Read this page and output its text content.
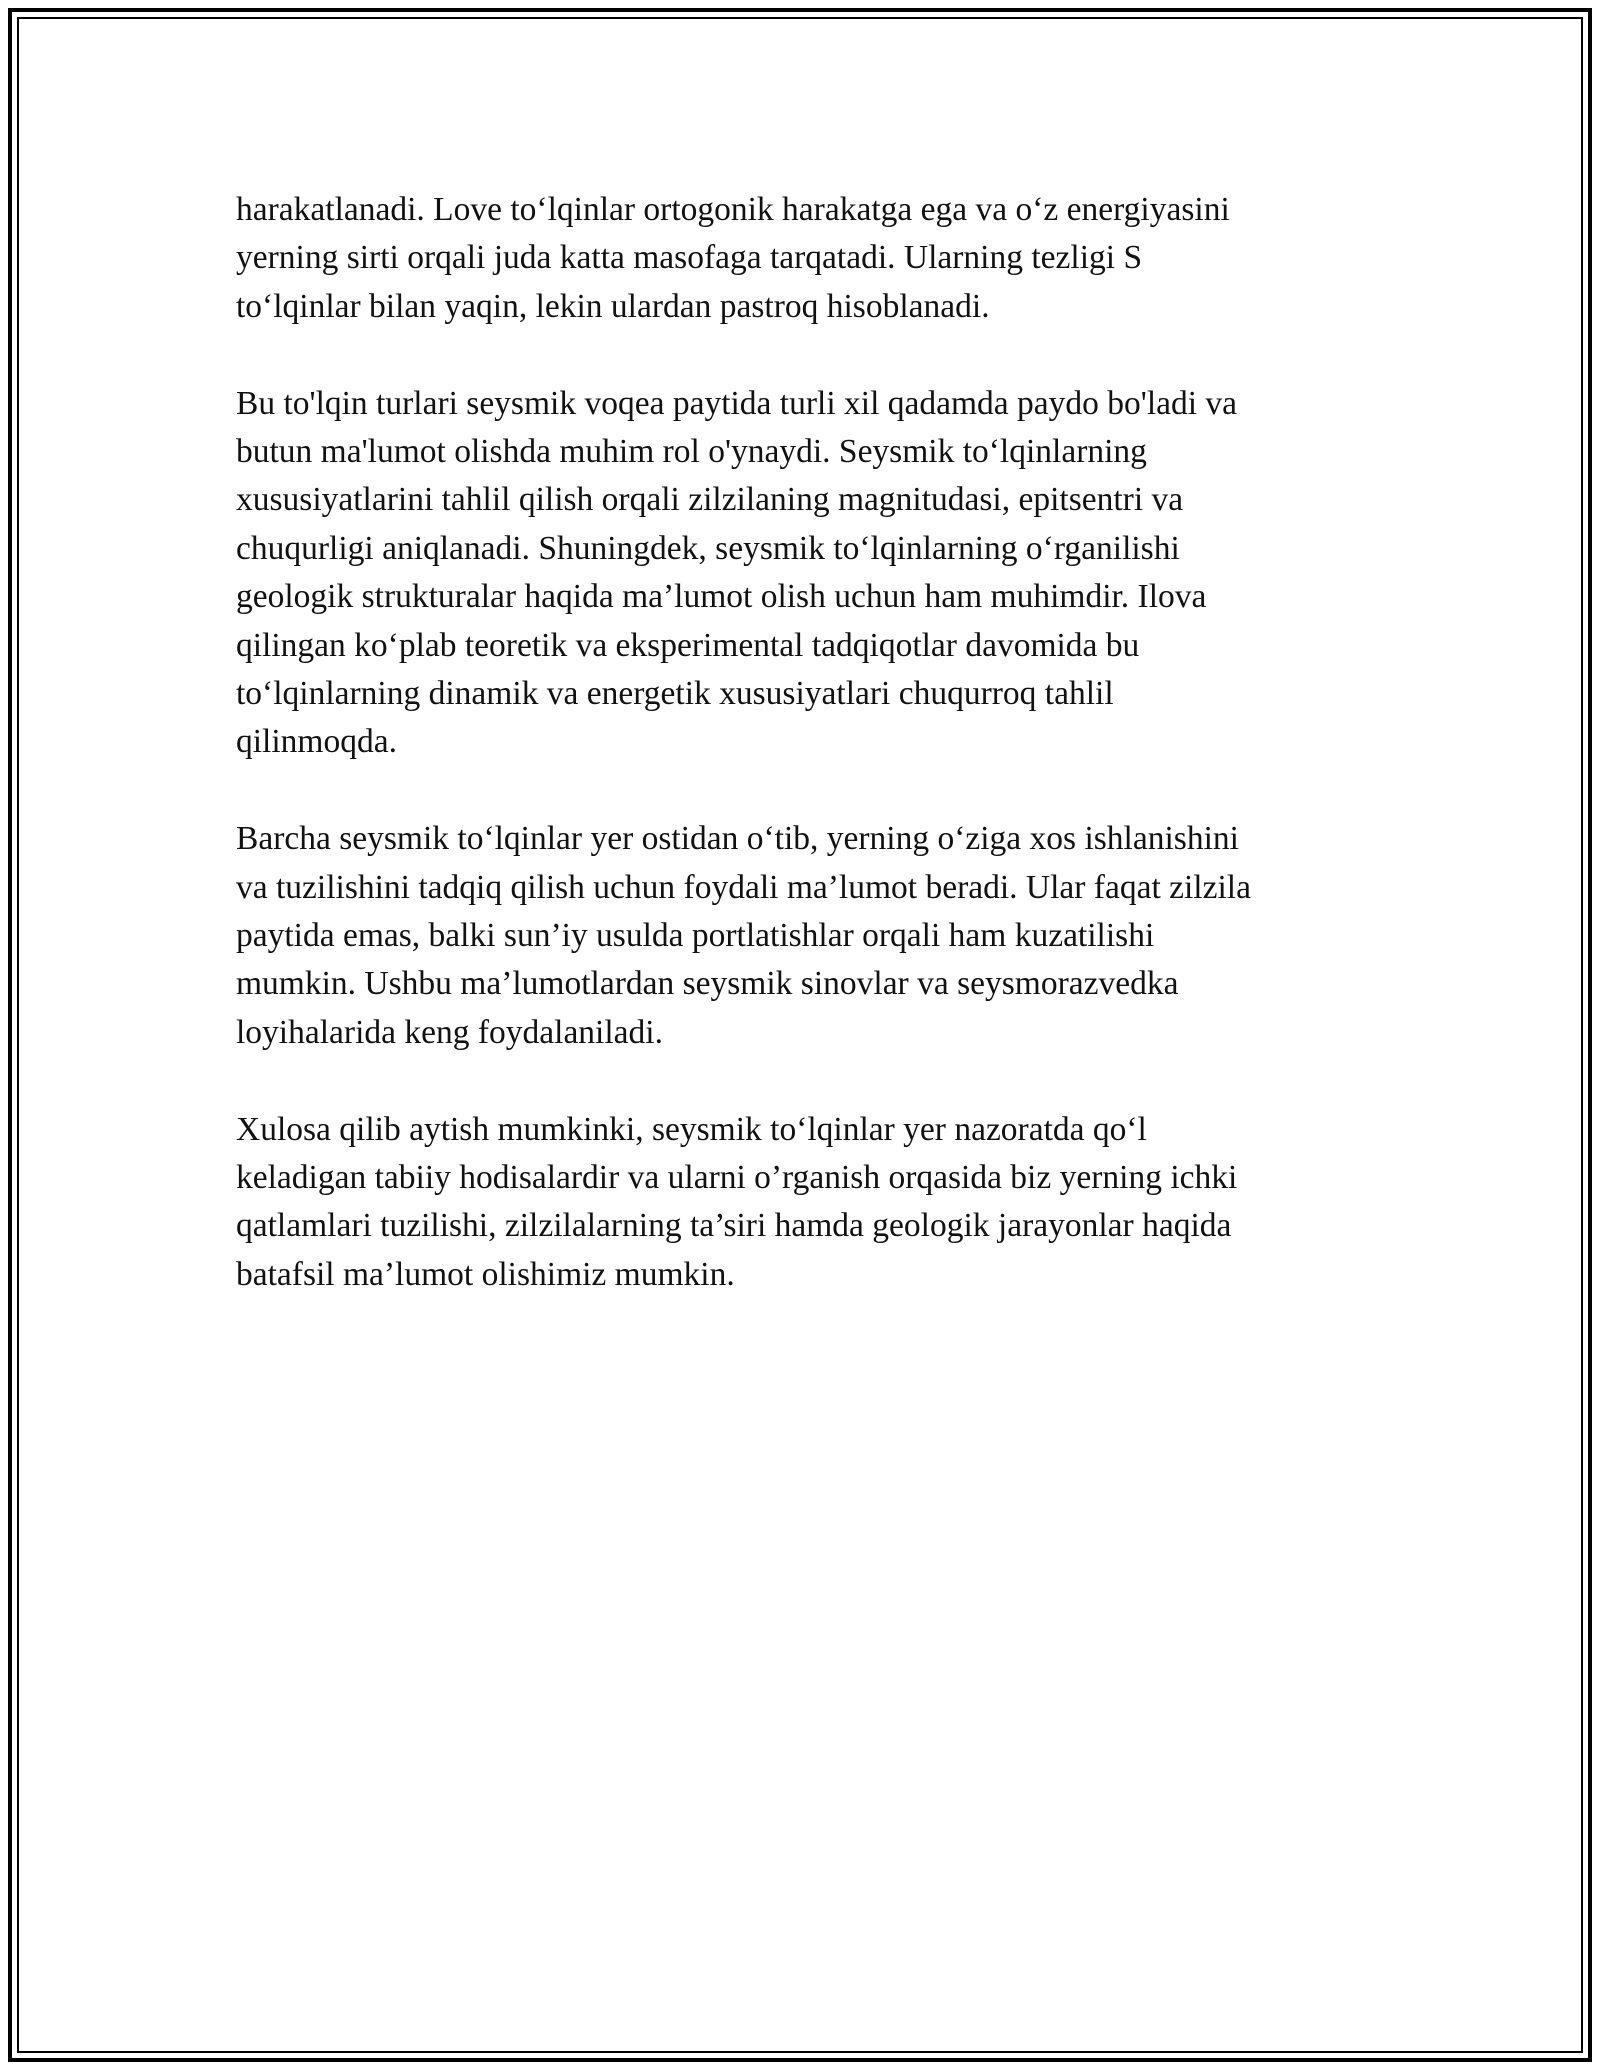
harakatlanadi. Love to‘lqinlar ortogonik harakatga ega va o‘z energiyasini
yerning sirti orqali juda katta masofaga tarqatadi. Ularning tezligi S
to‘lqinlar bilan yaqin, lekin ulardan pastroq hisoblanadi.

Bu to'lqin turlari seysmik voqea paytida turli xil qadamda paydo bo'ladi va
butun ma'lumot olishda muhim rol o'ynaydi. Seysmik to‘lqinlarning
xususiyatlarini tahlil qilish orqali zilzilaning magnitudasi, epitsentri va
chuqurligi aniqlanadi. Shuningdek, seysmik to‘lqinlarning o‘rganilishi
geologik strukturalar haqida ma’lumot olish uchun ham muhimdir. Ilova
qilingan ko‘plab teoretik va eksperimental tadqiqotlar davomida bu
to‘lqinlarning dinamik va energetik xususiyatlari chuqurroq tahlil
qilinmoqda.

Barcha seysmik to‘lqinlar yer ostidan o‘tib, yerning o‘ziga xos ishlanishini
va tuzilishini tadqiq qilish uchun foydali ma’lumot beradi. Ular faqat zilzila
paytida emas, balki sun’iy usulda portlatishlar orqali ham kuzatilishi
mumkin. Ushbu ma’lumotlardan seysmik sinovlar va seysmorazvedka
loyihalarida keng foydalaniladi.

Xulosa qilib aytish mumkinki, seysmik to‘lqinlar yer nazoratda qo‘l
keladigan tabiiy hodisalardir va ularni o’rganish orqasida biz yerning ichki
qatlamlari tuzilishi, zilzilalarning ta’siri hamda geologik jarayonlar haqida
batafsil ma’lumot olishimiz mumkin.
